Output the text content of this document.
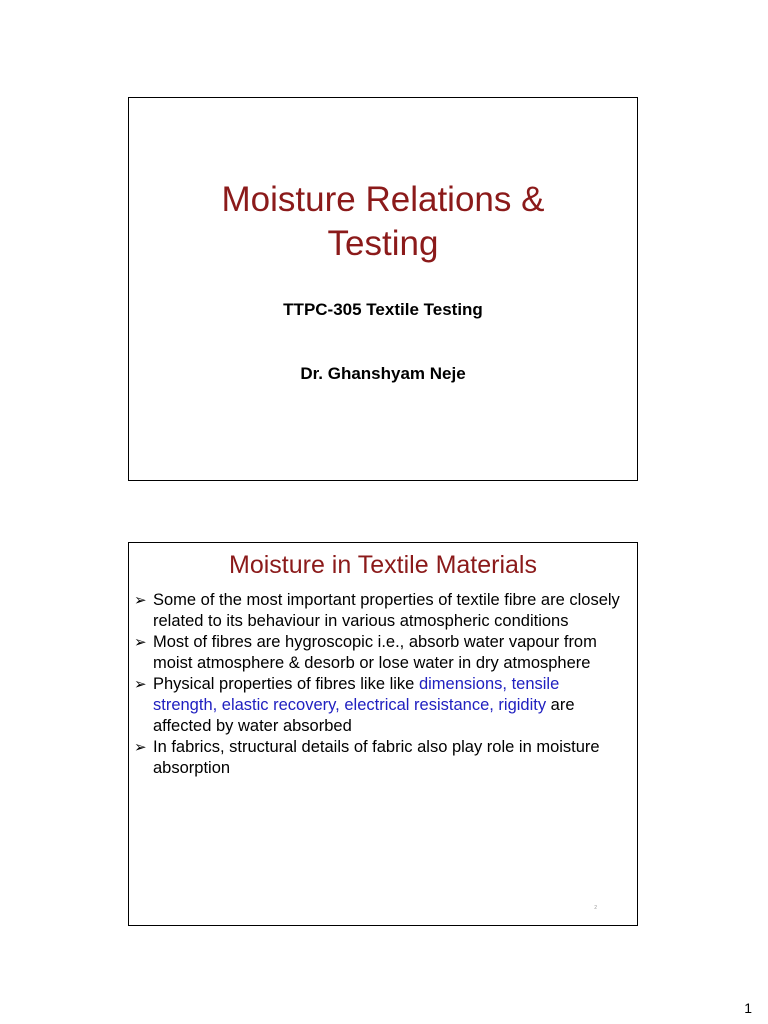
Moisture Relations &
Testing
TTPC-305 Textile Testing
Dr. Ghanshyam Neje
Moisture in Textile Materials
➢ Some of the most important properties of textile fibre are closely related to its behaviour in various atmospheric conditions
➢ Most of fibres are hygroscopic i.e., absorb water vapour from moist atmosphere & desorb or lose water in dry atmosphere
➢ Physical properties of fibres like like dimensions, tensile strength, elastic recovery, electrical resistance, rigidity are affected by water absorbed
➢ In fabrics, structural details of fabric also play role in moisture absorption
2
1
